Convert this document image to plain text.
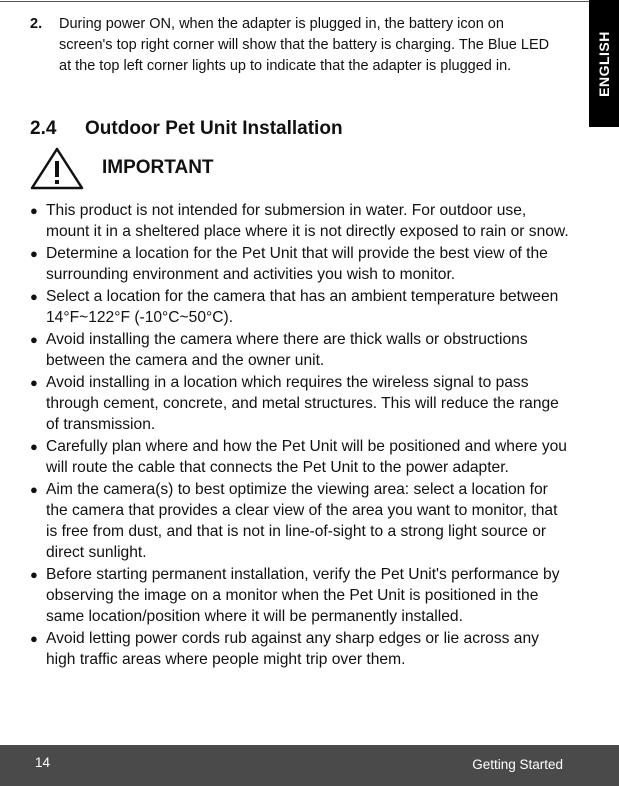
ENGLISH
2.	During power ON, when the adapter is plugged in, the battery icon on screen's top right corner will show that the battery is charging. The Blue LED at the top left corner lights up to indicate that the adapter is plugged in.
2.4	Outdoor Pet Unit Installation
IMPORTANT
● This product is not intended for submersion in water. For outdoor use, mount it in a sheltered place where it is not directly exposed to rain or snow.
● Determine a location for the Pet Unit that will provide the best view of the surrounding environment and activities you wish to monitor.
● Select a location for the camera that has an ambient temperature between 14°F~122°F (-10°C~50°C).
● Avoid installing the camera where there are thick walls or obstructions between the camera and the owner unit.
● Avoid installing in a location which requires the wireless signal to pass through cement, concrete, and metal structures. This will reduce the range of transmission.
● Carefully plan where and how the Pet Unit will be positioned and where you will route the cable that connects the Pet Unit to the power adapter.
● Aim the camera(s) to best optimize the viewing area: select a location for the camera that provides a clear view of the area you want to monitor, that is free from dust, and that is not in line-of-sight to a strong light source or direct sunlight.
● Before starting permanent installation, verify the Pet Unit's performance by observing the image on a monitor when the Pet Unit is positioned in the same location/position where it will be permanently installed.
● Avoid letting power cords rub against any sharp edges or lie across any high traffic areas where people might trip over them.
14	Getting Started
